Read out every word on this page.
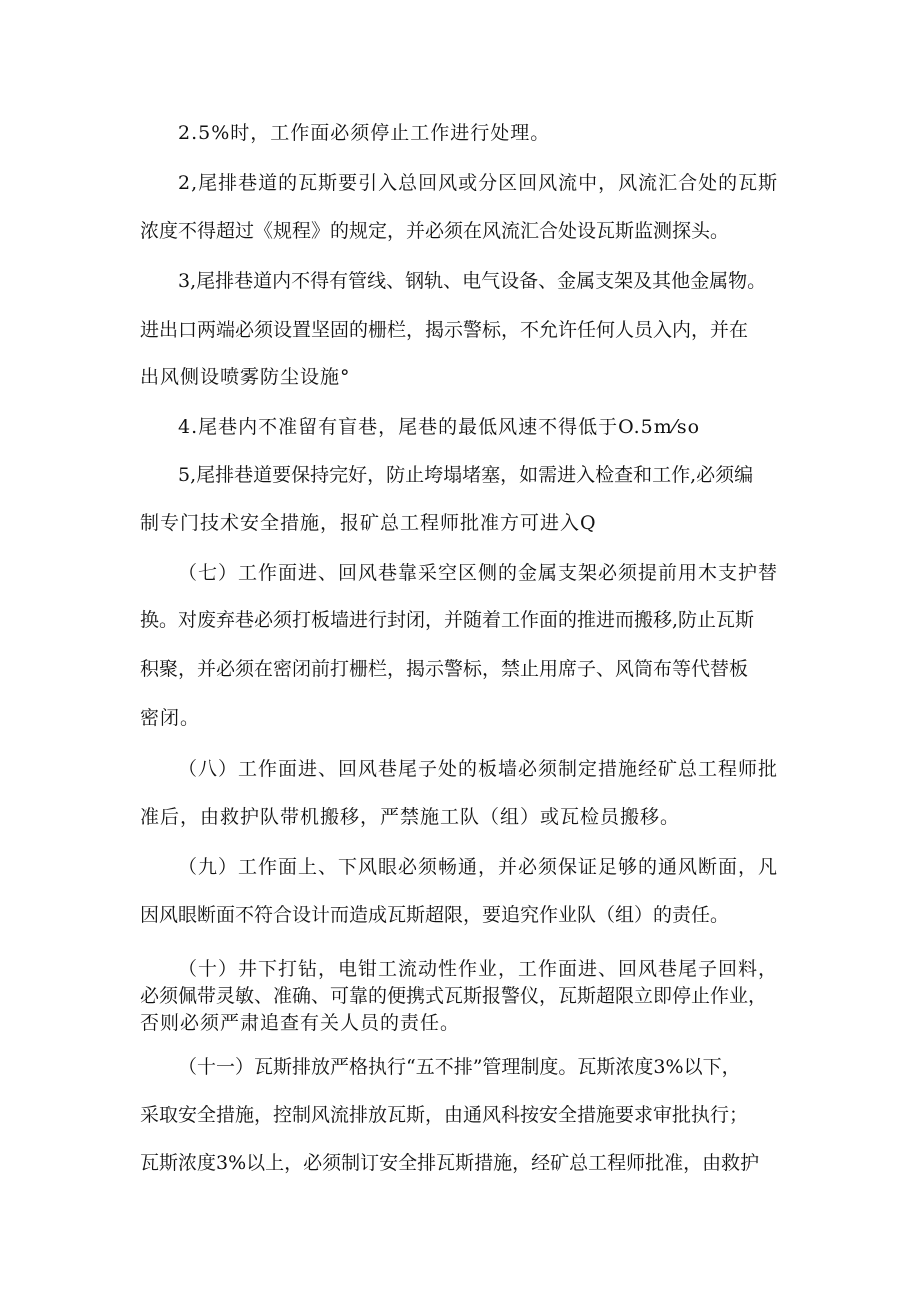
2.5%时，工作面必须停止工作进行处理。
2,尾排巷道的瓦斯要引入总回风或分区回风流中，风流汇合处的瓦斯
浓度不得超过《规程》的规定，并必须在风流汇合处设瓦斯监测探头。
3,尾排巷道内不得有管线、钢轨、电气设备、金属支架及其他金属物。
进出口两端必须设置坚固的栅栏，揭示警标，不允许任何人员入内，并在
出风侧设喷雾防尘设施°
4.尾巷内不准留有盲巷，尾巷的最低风速不得低于O.5m⁄so
5,尾排巷道要保持完好，防止垮塌堵塞，如需进入检查和工作,必须编
制专门技术安全措施，报矿总工程师批准方可进入Q
（七）工作面进、回风巷靠采空区侧的金属支架必须提前用木支护替
换。对废弃巷必须打板墙进行封闭，并随着工作面的推进而搬移,防止瓦斯
积聚，并必须在密闭前打栅栏，揭示警标，禁止用席子、风筒布等代替板
密闭。
（八）工作面进、回风巷尾子处的板墙必须制定措施经矿总工程师批
准后，由救护队带机搬移，严禁施工队（组）或瓦检员搬移。
（九）工作面上、下风眼必须畅通，并必须保证足够的通风断面，凡
因风眼断面不符合设计而造成瓦斯超限，要追究作业队（组）的责任。
（十）井下打钻，电钳工流动性作业，工作面进、回风巷尾子回料，
必须佩带灵敏、准确、可靠的便携式瓦斯报警仪，瓦斯超限立即停止作业，
否则必须严肃追查有关人员的责任。
（十一）瓦斯排放严格执行“五不排”管理制度。瓦斯浓度3%以下，
采取安全措施，控制风流排放瓦斯，由通风科按安全措施要求审批执行；
瓦斯浓度3%以上，必须制订安全排瓦斯措施，经矿总工程师批准，由救护
